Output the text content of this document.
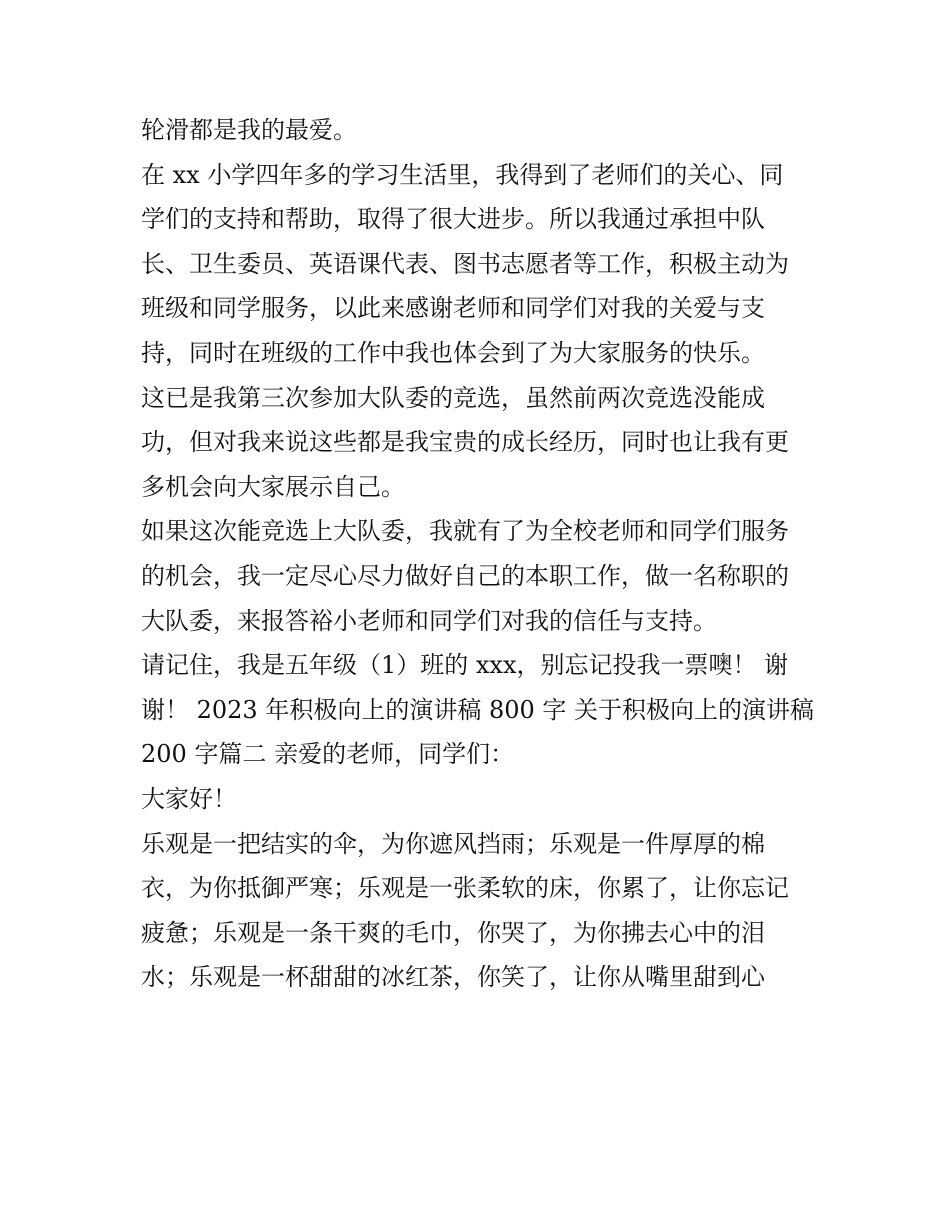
轮滑都是我的最爱。
在 xx 小学四年多的学习生活里，我得到了老师们的关心、同
学们的支持和帮助，取得了很大进步。所以我通过承担中队
长、卫生委员、英语课代表、图书志愿者等工作，积极主动为
班级和同学服务，以此来感谢老师和同学们对我的关爱与支
持，同时在班级的工作中我也体会到了为大家服务的快乐。
这已是我第三次参加大队委的竞选，虽然前两次竞选没能成
功，但对我来说这些都是我宝贵的成长经历，同时也让我有更
多机会向大家展示自己。
如果这次能竞选上大队委，我就有了为全校老师和同学们服务
的机会，我一定尽心尽力做好自己的本职工作，做一名称职的
大队委，来报答裕小老师和同学们对我的信任与支持。
请记住，我是五年级（1）班的 xxx，别忘记投我一票噢！ 谢
谢！ 2023 年积极向上的演讲稿 800 字 关于积极向上的演讲稿
200 字篇二 亲爱的老师，同学们：
大家好！
乐观是一把结实的伞，为你遮风挡雨；乐观是一件厚厚的棉
衣，为你抵御严寒；乐观是一张柔软的床，你累了，让你忘记
疲惫；乐观是一条干爽的毛巾，你哭了，为你拂去心中的泪
水；乐观是一杯甜甜的冰红茶，你笑了，让你从嘴里甜到心
